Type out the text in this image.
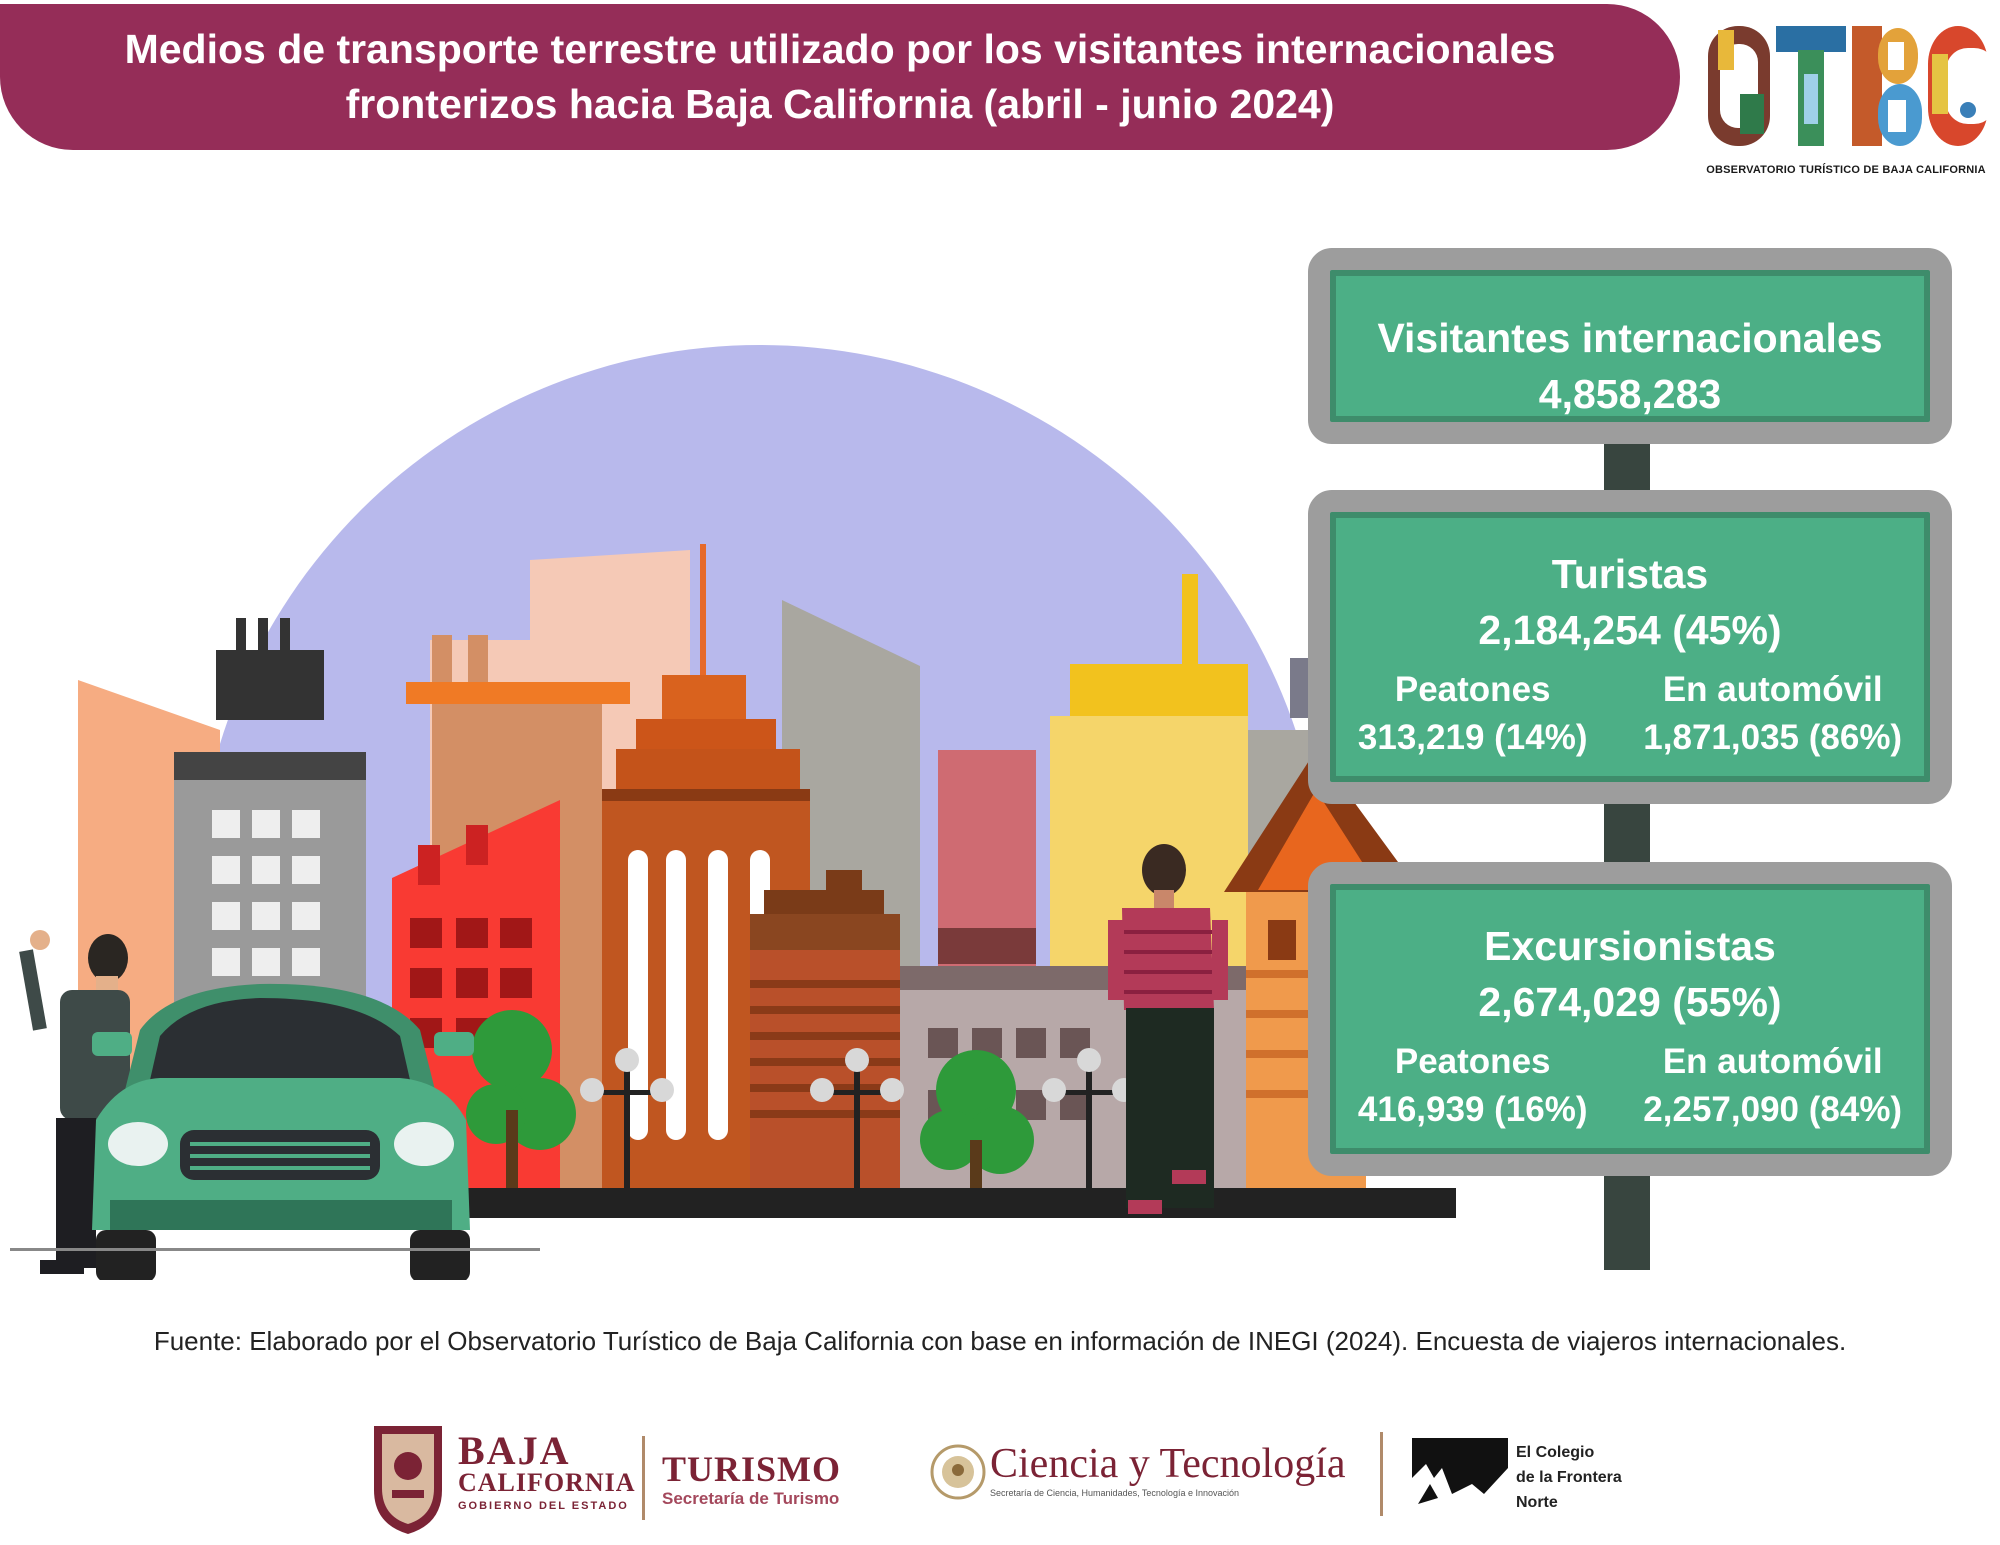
Medios de transporte terrestre utilizado por los visitantes internacionales
fronterizos hacia Baja California (abril - junio 2024)
OBSERVATORIO TURÍSTICO DE BAJA CALIFORNIA
Visitantes internacionales
4,858,283
Turistas
2,184,254 (45%)
Peatones
313,219 (14%)
En automóvil
1,871,035 (86%)
Excursionistas
2,674,029 (55%)
Peatones
416,939 (16%)
En automóvil
2,257,090 (84%)
Fuente: Elaborado por el Observatorio Turístico de Baja California con base en información de INEGI (2024). Encuesta de viajeros internacionales.
BAJA
CALIFORNIA
GOBIERNO DEL ESTADO
TURISMO
Secretaría de Turismo
Ciencia y Tecnología
Secretaría de Ciencia, Humanidades, Tecnología e Innovación
El Colegio
de la Frontera
Norte
